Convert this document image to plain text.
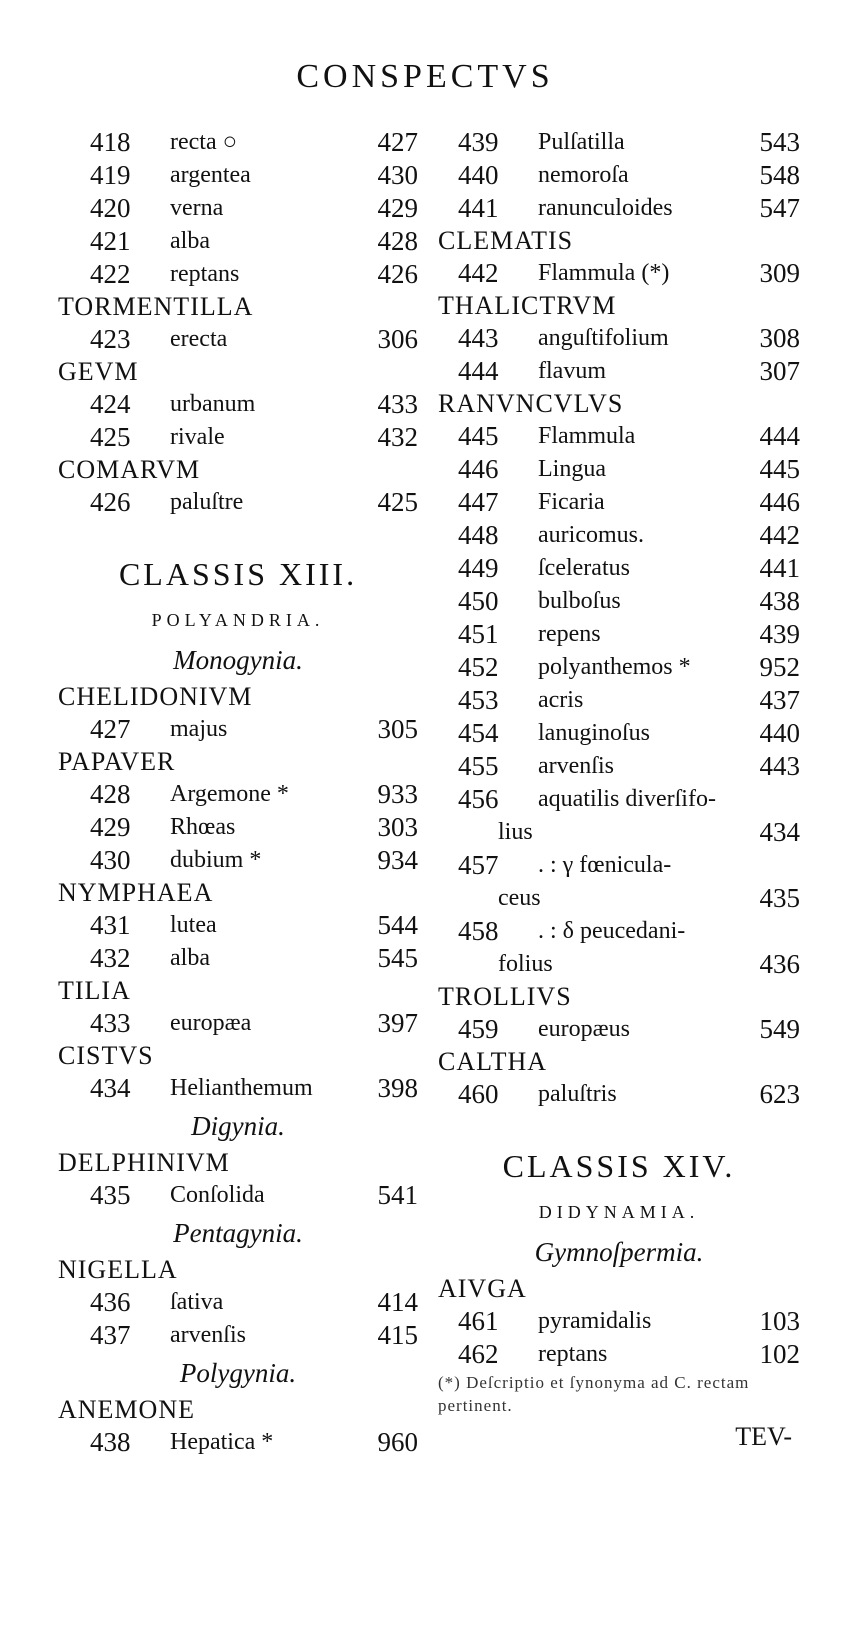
CONSPECTVS
418 recta ○	427
419 argentea	430
420 verna	429
421 alba	428
422 reptans	426
TORMENTILLA
423 erecta	306
GEVM
424 urbanum	433
425 rivale	432
COMARVM
426 paluſtre	425
CLASSIS XIII.
POLYANDRIA.
Monogynia.
CHELIDONIVM
427 majus	305
PAPAVER
428 Argemone *	933
429 Rhœas	303
430 dubium *	934
NYMPHAEA
431 lutea	544
432 alba	545
TILIA
433 europæa	397
CISTVS
434 Helianthemum 398
Digynia.
DELPHINIVM
435 Conſolida	541
Pentagynia.
NIGELLA
436 ſativa	414
437 arvenſis	415
Polygynia.
ANEMONE
438 Hepatica *	960
439 Pulſatilla	543
440 nemoroſa	548
441 ranunculoides	547
CLEMATIS
442 Flammula (*)	309
THALICTRVM
443 anguſtifolium	308
444 flavum	307
RANVNCVLVS
445 Flammula	444
446 Lingua	445
447 Ficaria	446
448 auricomus.	442
449 ſceleratus	441
450 bulboſus	438
451 repens	439
452 polyanthemos *	952
453 acris	437
454 lanuginoſus	440
455 arvenſis	443
456 aquatilis diverſifo-
lius	434
457 . : γ fœnicula-
ceus	435
458 . : δ peucedani-
folius	436
TROLLIVS
459 europæus	549
CALTHA
460 paluſtris	623
CLASSIS XIV.
DIDYNAMIA.
Gymnoſpermia.
AIVGA
461 pyramidalis	103
462 reptans	102
(*) Deſcriptio et ſynonyma ad C. rectam pertinent.
TEV-
